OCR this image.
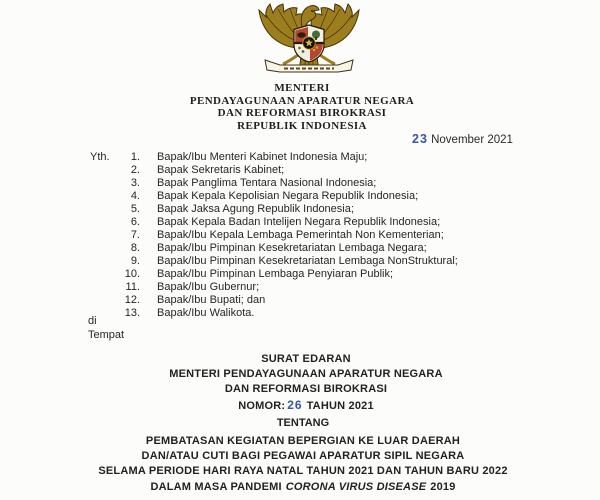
MENTERI
PENDAYAGUNAAN APARATUR NEGARA
DAN REFORMASI BIROKRASI
REPUBLIK INDONESIA
23 November 2021
Yth.	1. Bapak/Ibu Menteri Kabinet Indonesia Maju;
2. Bapak Sekretaris Kabinet;
3. Bapak Panglima Tentara Nasional Indonesia;
4. Bapak Kepala Kepolisian Negara Republik Indonesia;
5. Bapak Jaksa Agung Republik Indonesia;
6. Bapak Kepala Badan Intelijen Negara Republik Indonesia;
7. Bapak/Ibu Kepala Lembaga Pemerintah Non Kementerian;
8. Bapak/Ibu Pimpinan Kesekretariatan Lembaga Negara;
9. Bapak/Ibu Pimpinan Kesekretariatan Lembaga NonStruktural;
10. Bapak/Ibu Pimpinan Lembaga Penyiaran Publik;
11. Bapak/Ibu Gubernur;
12. Bapak/Ibu Bupati; dan
13. Bapak/Ibu Walikota.
di
Tempat
SURAT EDARAN
MENTERI PENDAYAGUNAAN APARATUR NEGARA
DAN REFORMASI BIROKRASI
NOMOR: 26 TAHUN 2021
TENTANG
PEMBATASAN KEGIATAN BEPERGIAN KE LUAR DAERAH
DAN/ATAU CUTI BAGI PEGAWAI APARATUR SIPIL NEGARA
SELAMA PERIODE HARI RAYA NATAL TAHUN 2021 DAN TAHUN BARU 2022
DALAM MASA PANDEMI CORONA VIRUS DISEASE 2019
